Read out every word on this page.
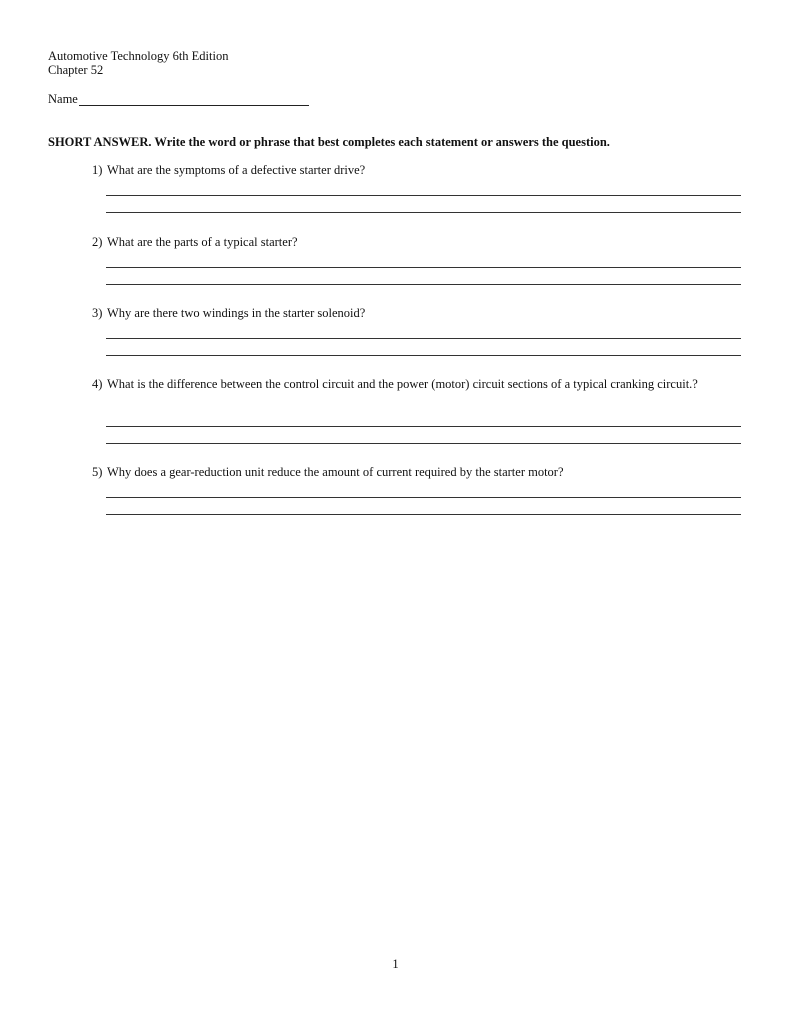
Automotive Technology 6th Edition
Chapter 52
Name
SHORT ANSWER. Write the word or phrase that best completes each statement or answers the question.
1) What are the symptoms of a defective starter drive?
2) What are the parts of a typical starter?
3) Why are there two windings in the starter solenoid?
4) What is the difference between the control circuit and the power (motor) circuit sections of a typical cranking circuit.?
5) Why does a gear-reduction unit reduce the amount of current required by the starter motor?
1
